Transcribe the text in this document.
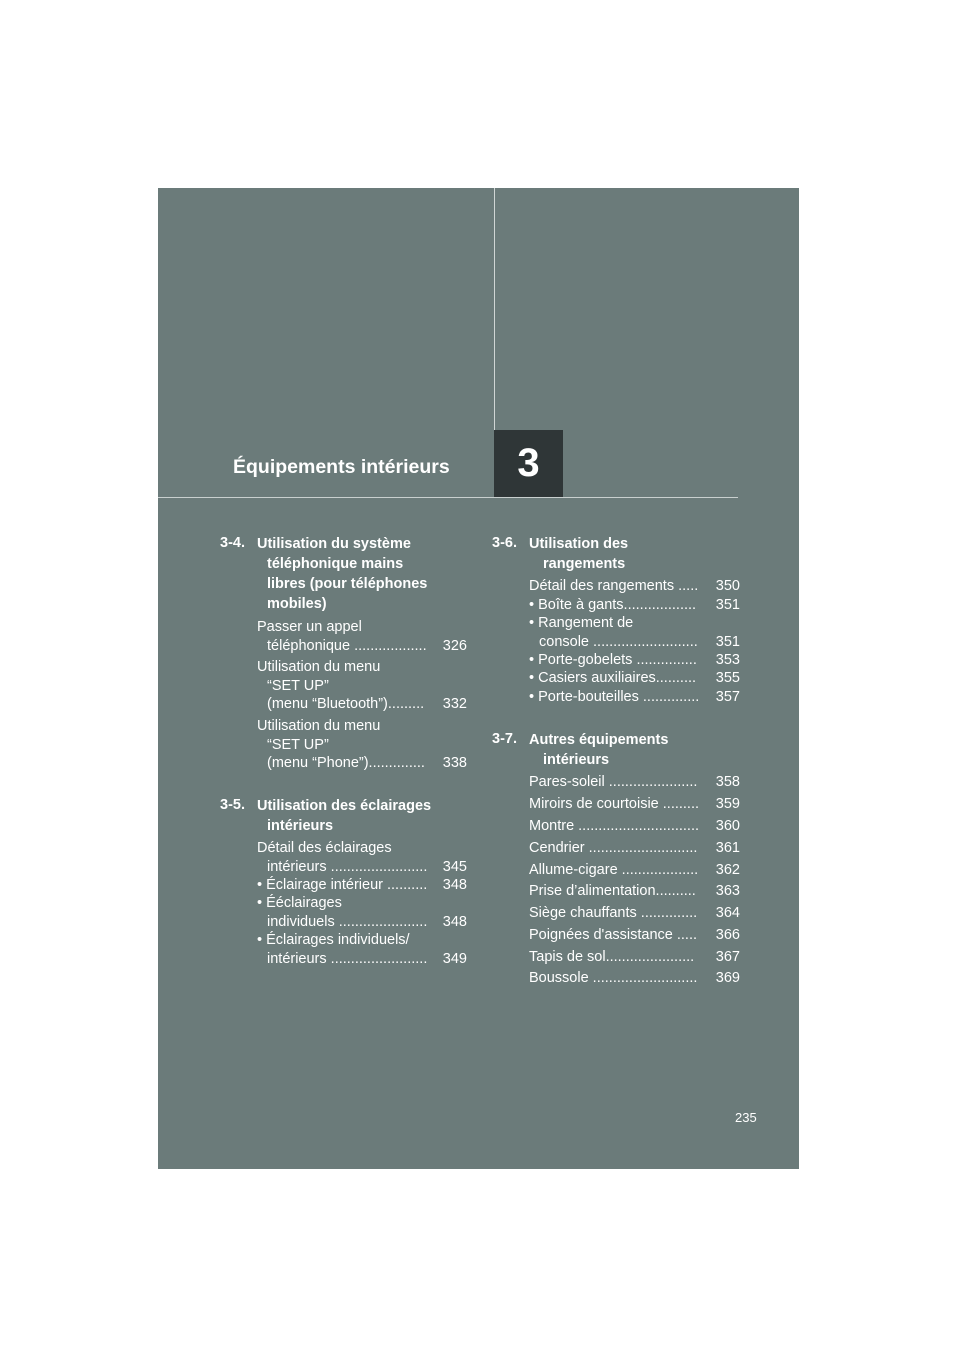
Équipements intérieurs	3
3-4. Utilisation du système
téléphonique mains
libres (pour téléphones
mobiles)
Passer un appel
téléphonique ..................	326
Utilisation du menu
“SET UP”
(menu “Bluetooth”).........	332
Utilisation du menu
“SET UP”
(menu “Phone”)..............	338
3-5. Utilisation des éclairages
intérieurs
Détail des éclairages
intérieurs ........................	345
• Éclairage intérieur ..........	348
• Ééclairages
individuels ......................	348
• Éclairages individuels/
intérieurs ........................	349
3-6. Utilisation des
rangements
Détail des rangements .....	350
• Boîte à gants..................	351
• Rangement de
console ..........................	351
• Porte-gobelets ...............	353
• Casiers auxiliaires..........	355
• Porte-bouteilles ..............	357
3-7. Autres équipements
intérieurs
Pares-soleil ......................	358
Miroirs de courtoisie .........	359
Montre ..............................	360
Cendrier ...........................	361
Allume-cigare ...................	362
Prise d’alimentation..........	363
Siège chauffants ..............	364
Poignées d'assistance .....	366
Tapis de sol......................	367
Boussole ..........................	369
235
